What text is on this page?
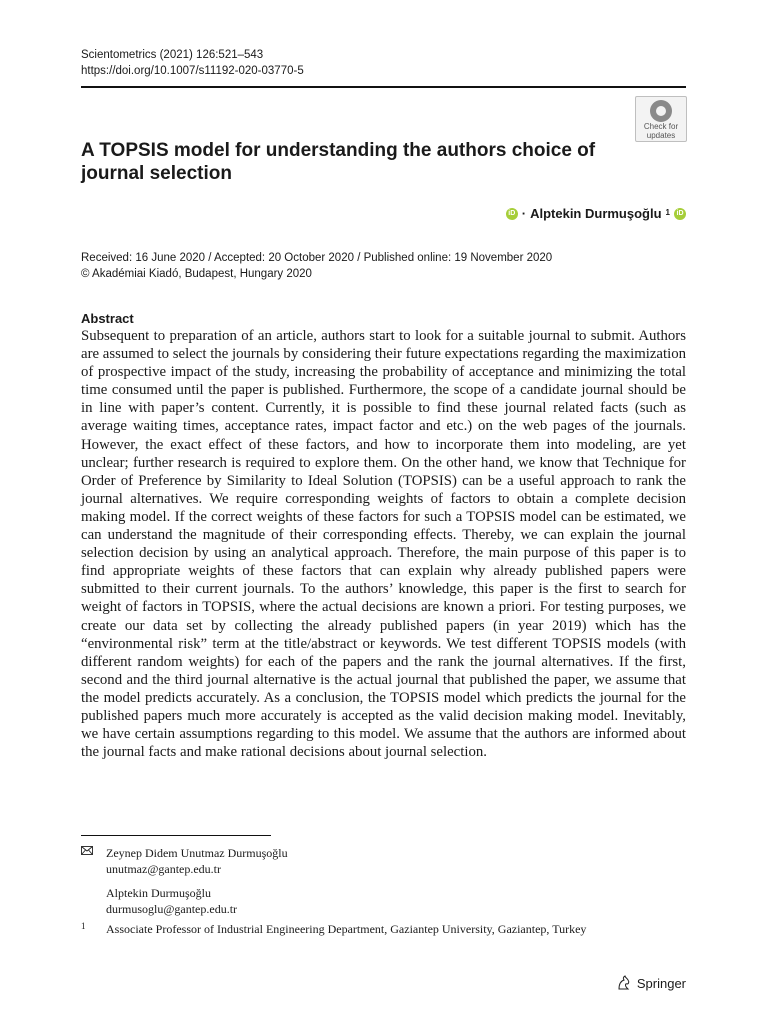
Scientometrics (2021) 126:521–543
https://doi.org/10.1007/s11192-020-03770-5
Check for
updates
A TOPSIS model for understanding the authors choice of journal selection
iD · Alptekin Durmuşoğlu $^1$ iD
Received: 16 June 2020 / Accepted: 20 October 2020 / Published online: 19 November 2020
© Akadémiai Kiadó, Budapest, Hungary 2020
Abstract

Subsequent to preparation of an article, authors start to look for a suitable journal to submit. Authors are assumed to select the journals by considering their future expectations regarding the maximization of prospective impact of the study, increasing the probability of acceptance and minimizing the total time consumed until the paper is published. Furthermore, the scope of a candidate journal should be in line with paper’s content. Currently, it is possible to find these journal related facts (such as average waiting times, acceptance rates, impact factor and etc.) on the web pages of the journals. However, the exact effect of these factors, and how to incorporate them into modeling, are yet unclear; further research is required to explore them. On the other hand, we know that Technique for Order of Preference by Similarity to Ideal Solution (TOPSIS) can be a useful approach to rank the journal alternatives. We require corresponding weights of factors to obtain a complete decision making model. If the correct weights of these factors for such a TOPSIS model can be estimated, we can understand the magnitude of their corresponding effects. Thereby, we can explain the journal selection decision by using an analytical approach. Therefore, the main purpose of this paper is to find appropriate weights of these factors that can explain why already published papers were submitted to their current journals. To the authors’ knowledge, this paper is the first to search for weight of factors in TOPSIS, where the actual decisions are known a priori. For testing purposes, we create our data set by collecting the already published papers (in year 2019) which has the “environmental risk” term at the title/abstract or keywords. We test different TOPSIS models (with different random weights) for each of the papers and the rank the journal alternatives. If the first, second and the third journal alternative is the actual journal that published the paper, we assume that the model predicts accurately. As a conclusion, the TOPSIS model which predicts the journal for the published papers much more accurately is accepted as the valid decision making model. Inevitably, we have certain assumptions regarding to this model. We assume that the authors are informed about the journal facts and make rational decisions about journal selection.

Zeynep Didem Unutmaz Durmuşoğlu
unutmaz@gantep.edu.tr
Alptekin Durmuşoğlu
durmusoglu@gantep.edu.tr
1 Associate Professor of Industrial Engineering Department, Gaziantep University, Gaziantep, Turkey
Springer
